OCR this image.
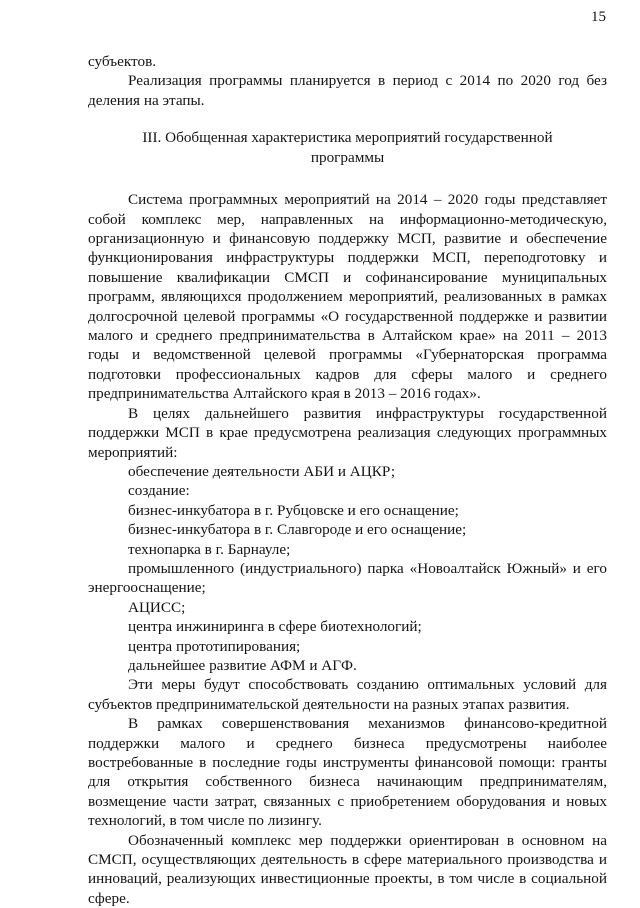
15

субъектов.

Реализация программы планируется в период с 2014 по 2020 год без деления на этапы.

III. Обобщенная характеристика мероприятий государственной
программы

Система программных мероприятий на 2014 – 2020 годы представляет собой комплекс мер, направленных на информационно-методическую, организационную и финансовую поддержку МСП, развитие и обеспечение функционирования инфраструктуры поддержки МСП, переподготовку и повышение квалификации СМСП и софинансирование муниципальных программ, являющихся продолжением мероприятий, реализованных в рамках долгосрочной целевой программы «О государственной поддержке и развитии малого и среднего предпринимательства в Алтайском крае» на 2011 – 2013 годы и ведомственной целевой программы «Губернаторская программа подготовки профессиональных кадров для сферы малого и среднего предпринимательства Алтайского края в 2013 – 2016 годах».

В целях дальнейшего развития инфраструктуры государственной поддержки МСП в крае предусмотрена реализация следующих программных мероприятий:

обеспечение деятельности АБИ и АЦКР;
создание:
бизнес-инкубатора в г. Рубцовске и его оснащение;
бизнес-инкубатора в г. Славгороде и его оснащение;
технопарка в г. Барнауле;
промышленного (индустриального) парка «Новоалтайск Южный» и его энергооснащение;
АЦИСС;
центра инжиниринга в сфере биотехнологий;
центра прототипирования;
дальнейшее развитие АФМ и АГФ.

Эти меры будут способствовать созданию оптимальных условий для субъектов предпринимательской деятельности на разных этапах развития.

В рамках совершенствования механизмов финансово-кредитной поддержки малого и среднего бизнеса предусмотрены наиболее востребованные в последние годы инструменты финансовой помощи: гранты для открытия собственного бизнеса начинающим предпринимателям, возмещение части затрат, связанных с приобретением оборудования и новых технологий, в том числе по лизингу.

Обозначенный комплекс мер поддержки ориентирован в основном на СМСП, осуществляющих деятельность в сфере материального производства и инноваций, реализующих инвестиционные проекты, в том числе в социальной сфере.
